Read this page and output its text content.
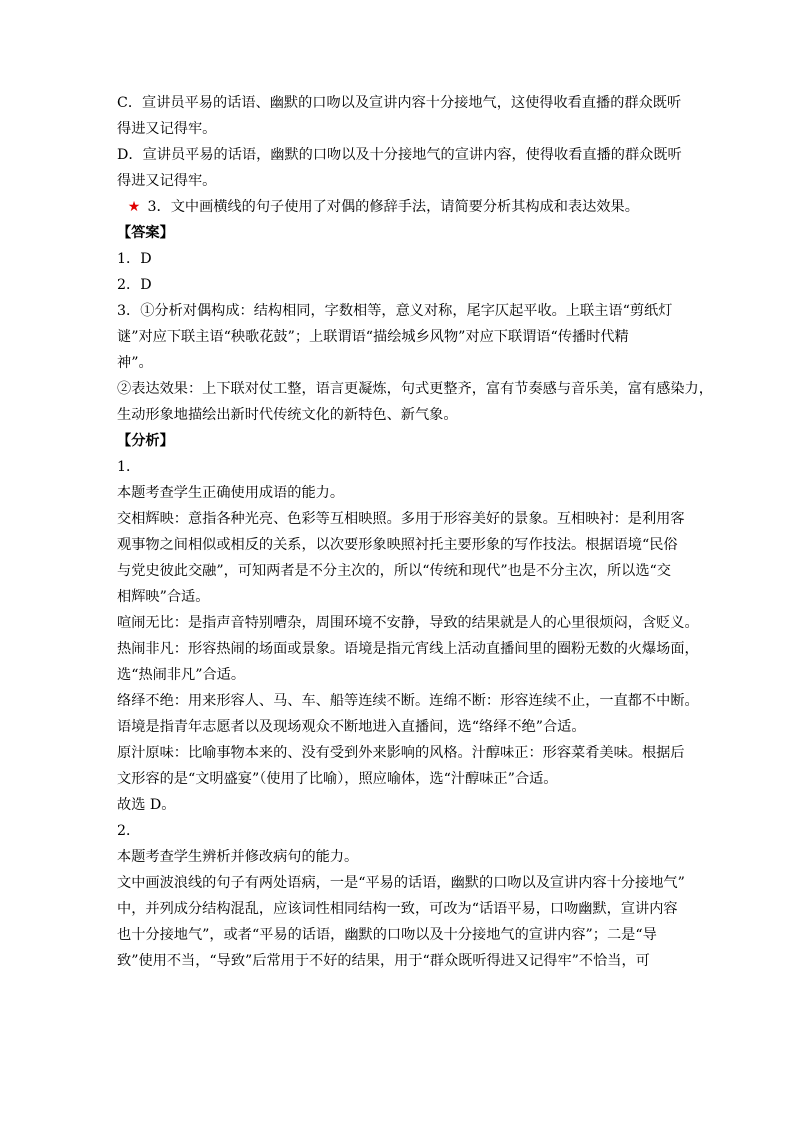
C．宣讲员平易的话语、幽默的口吻以及宣讲内容十分接地气，这使得收看直播的群众既听
得进又记得牢。
D．宣讲员平易的话语，幽默的口吻以及十分接地气的宣讲内容，使得收看直播的群众既听
得进又记得牢。
★ 3．文中画横线的句子使用了对偶的修辞手法，请简要分析其构成和表达效果。
【答案】
1．D
2．D
3．①分析对偶构成：结构相同，字数相等，意义对称，尾字仄起平收。上联主语“剪纸灯
谜”对应下联主语“秧歌花鼓”；上联谓语“描绘城乡风物”对应下联谓语“传播时代精
神”。
②表达效果：上下联对仗工整，语言更凝炼，句式更整齐，富有节奏感与音乐美，富有感染力，
生动形象地描绘出新时代传统文化的新特色、新气象。
【分析】
1．
本题考查学生正确使用成语的能力。
交相辉映：意指各种光亮、色彩等互相映照。多用于形容美好的景象。互相映衬：是利用客
观事物之间相似或相反的关系，以次要形象映照衬托主要形象的写作技法。根据语境“民俗
与党史彼此交融”，可知两者是不分主次的，所以“传统和现代”也是不分主次，所以选“交
相辉映”合适。
喧闹无比：是指声音特别嘈杂，周围环境不安静，导致的结果就是人的心里很烦闷，含贬义。
热闹非凡：形容热闹的场面或景象。语境是指元宵线上活动直播间里的圈粉无数的火爆场面，
选“热闹非凡”合适。
络绎不绝：用来形容人、马、车、船等连续不断。连绵不断：形容连续不止，一直都不中断。
语境是指青年志愿者以及现场观众不断地进入直播间，选“络绎不绝”合适。
原汁原味：比喻事物本来的、没有受到外来影响的风格。汁醇味正：形容菜肴美味。根据后
文形容的是“文明盛宴”（使用了比喻），照应喻体，选“汁醇味正”合适。
故选 D。
2．
本题考查学生辨析并修改病句的能力。
文中画波浪线的句子有两处语病，一是“平易的话语，幽默的口吻以及宣讲内容十分接地气”
中，并列成分结构混乱，应该词性相同结构一致，可改为“话语平易，口吻幽默，宣讲内容
也十分接地气”，或者“平易的话语，幽默的口吻以及十分接地气的宣讲内容”；二是“导
致”使用不当，“导致”后常用于不好的结果，用于“群众既听得进又记得牢”不恰当，可
